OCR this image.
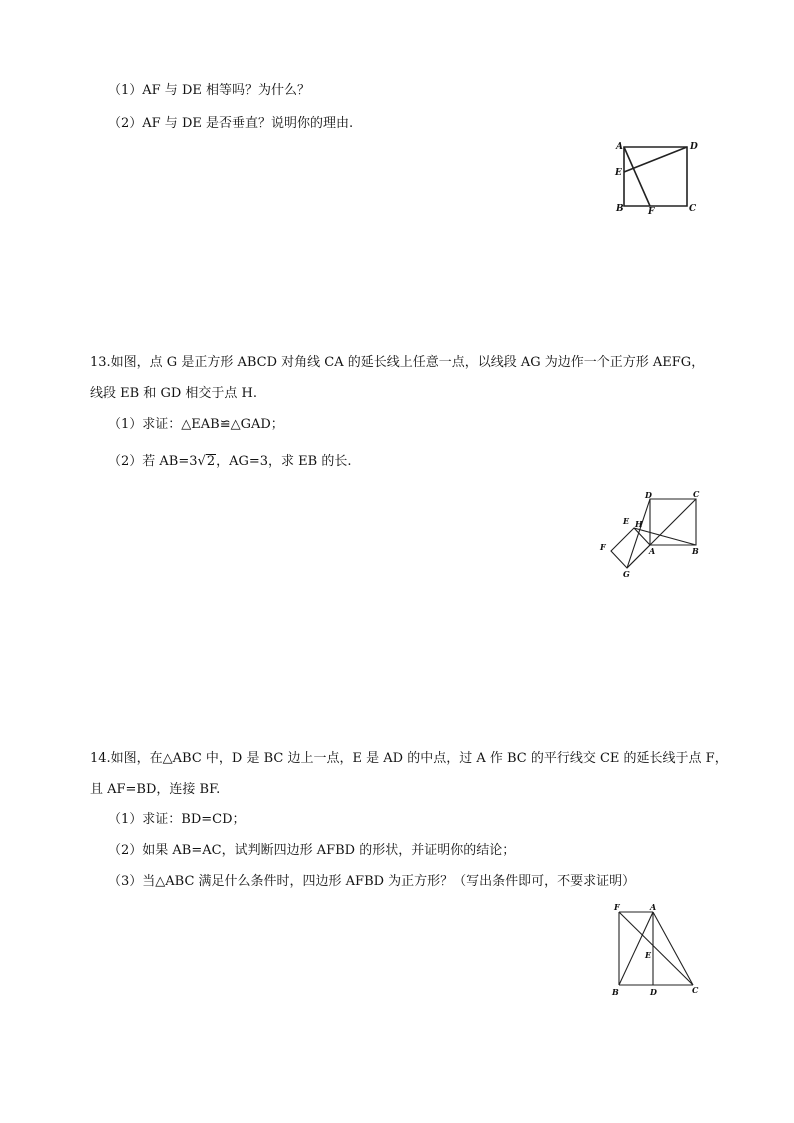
（1）AF 与 DE 相等吗？为什么？
（2）AF 与 DE 是否垂直？说明你的理由.
A	D
E
B	F	C
13.如图，点 G 是正方形 ABCD 对角线 CA 的延长线上任意一点，以线段 AG 为边作一个正方形 AEFG，
线段 EB 和 GD 相交于点 H.
（1）求证：△EAB≌△GAD；
（2）若 AB=3√2，AG=3，求 EB 的长.
D	C
E H
F	A	B
G
14.如图，在△ABC 中，D 是 BC 边上一点，E 是 AD 的中点，过 A 作 BC 的平行线交 CE 的延长线于点 F，
且 AF=BD，连接 BF.
（1）求证：BD=CD；
（2）如果 AB=AC，试判断四边形 AFBD 的形状，并证明你的结论；
（3）当△ABC 满足什么条件时，四边形 AFBD 为正方形？（写出条件即可，不要求证明）
F	A
E
B	D	C
